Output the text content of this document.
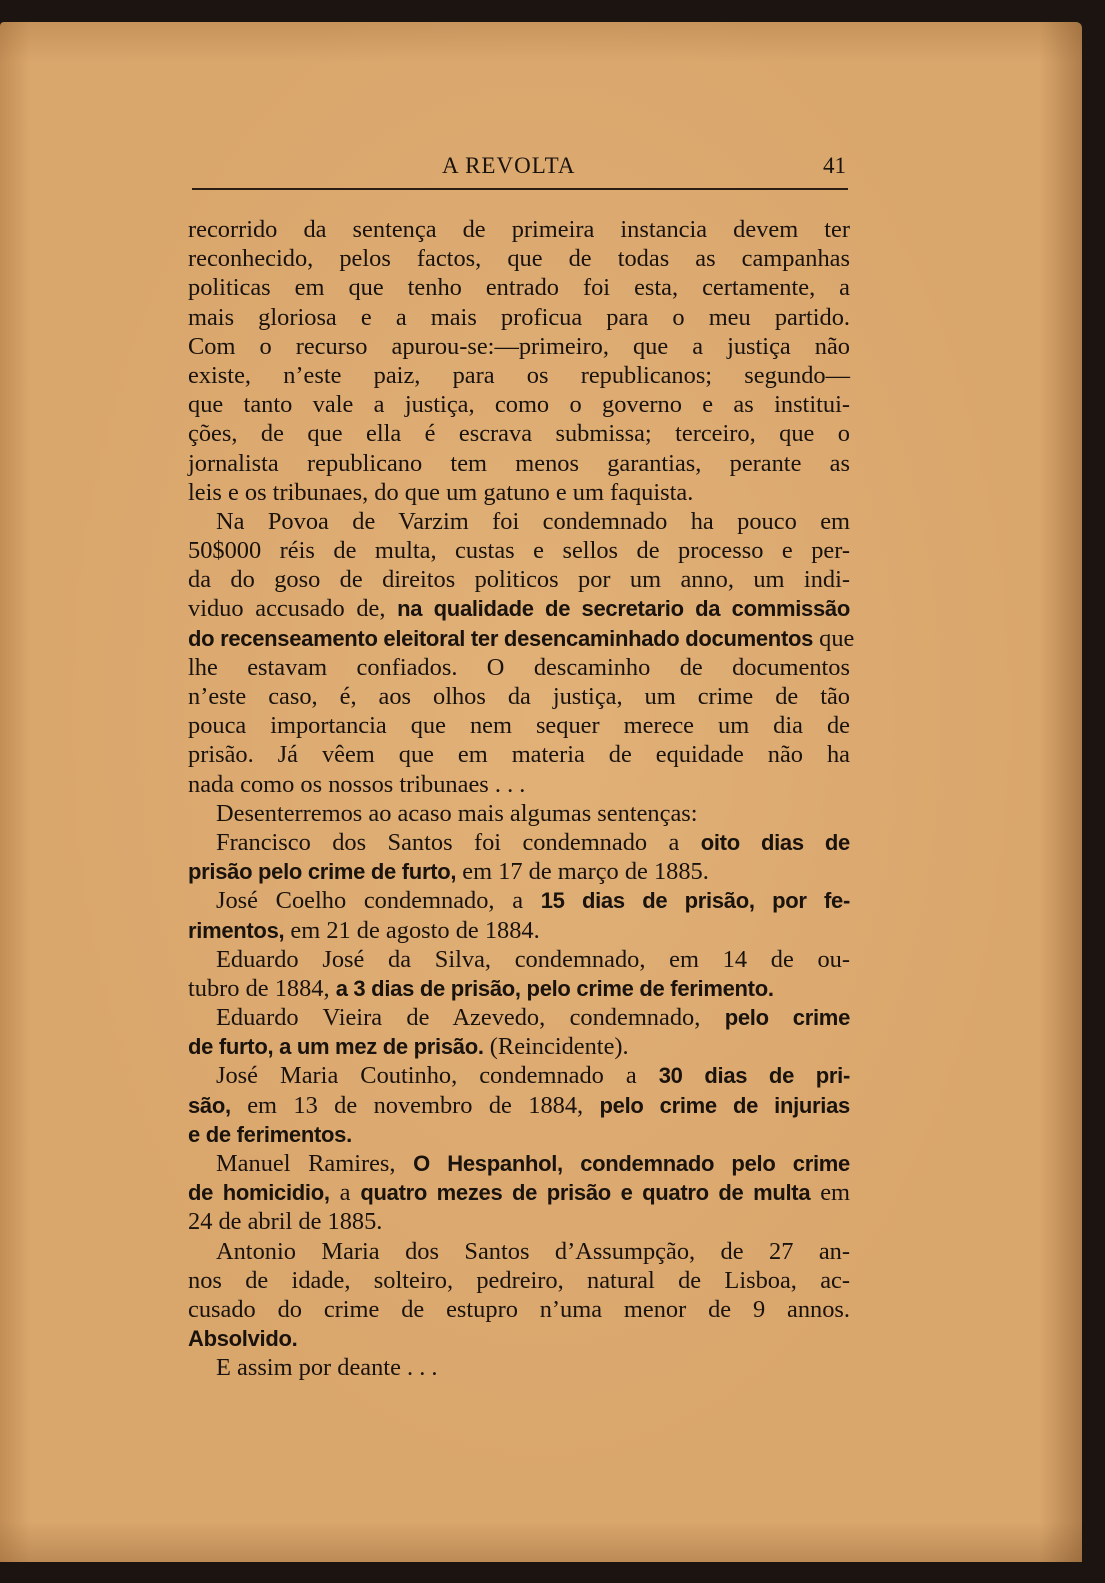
A REVOLTA	41
recorrido da sentença de primeira instancia devem ter
reconhecido, pelos factos, que de todas as campanhas
politicas em que tenho entrado foi esta, certamente, a
mais gloriosa e a mais proficua para o meu partido.
Com o recurso apurou-se:—primeiro, que a justiça não
existe, n’este paiz, para os republicanos; segundo—
que tanto vale a justiça, como o governo e as institui-
ções, de que ella é escrava submissa; terceiro, que o
jornalista republicano tem menos garantias, perante as
leis e os tribunaes, do que um gatuno e um faquista.
Na Povoa de Varzim foi condemnado ha pouco em
50$000 réis de multa, custas e sellos de processo e per-
da do goso de direitos politicos por um anno, um indi-
viduo accusado de, na qualidade de secretario da commissão
do recenseamento eleitoral ter desencaminhado documentos que
lhe estavam confiados. O descaminho de documentos
n’este caso, é, aos olhos da justiça, um crime de tão
pouca importancia que nem sequer merece um dia de
prisão. Já vêem que em materia de equidade não ha
nada como os nossos tribunaes . . .
Desenterremos ao acaso mais algumas sentenças:
Francisco dos Santos foi condemnado a oito dias de
prisão pelo crime de furto, em 17 de março de 1885.
José Coelho condemnado, a 15 dias de prisão, por fe-
rimentos, em 21 de agosto de 1884.
Eduardo José da Silva, condemnado, em 14 de ou-
tubro de 1884, a 3 dias de prisão, pelo crime de ferimento.
Eduardo Vieira de Azevedo, condemnado, pelo crime
de furto, a um mez de prisão. (Reincidente).
José Maria Coutinho, condemnado a 30 dias de pri-
são, em 13 de novembro de 1884, pelo crime de injurias
e de ferimentos.
Manuel Ramires, O Hespanhol, condemnado pelo crime
de homicidio, a quatro mezes de prisão e quatro de multa em
24 de abril de 1885.
Antonio Maria dos Santos d’Assumpção, de 27 an-
nos de idade, solteiro, pedreiro, natural de Lisboa, ac-
cusado do crime de estupro n’uma menor de 9 annos.
Absolvido.
E assim por deante . . .
